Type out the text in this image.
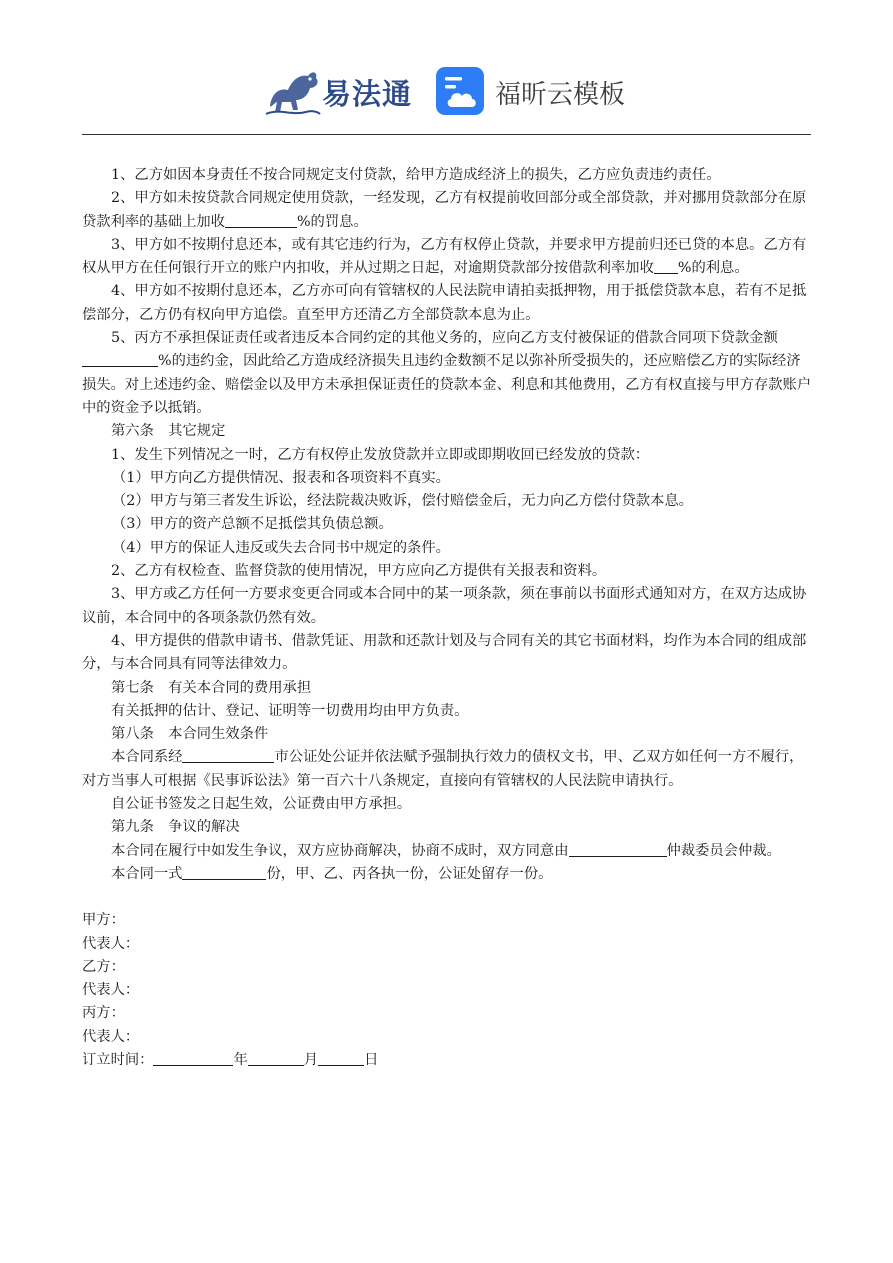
易法通	福昕云模板

1、乙方如因本身责任不按合同规定支付贷款，给甲方造成经济上的损失，乙方应负责违约责任。

2、甲方如未按贷款合同规定使用贷款，一经发现，乙方有权提前收回部分或全部贷款，并对挪用贷款部分在原贷款利率的基础上加收	%的罚息。

3、甲方如不按期付息还本，或有其它违约行为，乙方有权停止贷款，并要求甲方提前归还已贷的本息。乙方有权从甲方在任何银行开立的账户内扣收，并从过期之日起，对逾期贷款部分按借款利率加收 %的利息。

4、甲方如不按期付息还本，乙方亦可向有管辖权的人民法院申请拍卖抵押物，用于抵偿贷款本息，若有不足抵偿部分，乙方仍有权向甲方追偿。直至甲方还清乙方全部贷款本息为止。

5、丙方不承担保证责任或者违反本合同约定的其他义务的，应向乙方支付被保证的借款合同项下贷款金额%的违约金，因此给乙方造成经济损失且违约金数额不足以弥补所受损失的，还应赔偿乙方的实际经济损失。对上述违约金、赔偿金以及甲方未承担保证责任的贷款本金、利息和其他费用，乙方有权直接与甲方存款账户中的资金予以抵销。

第六条　其它规定

1、发生下列情况之一时，乙方有权停止发放贷款并立即或即期收回已经发放的贷款：

（1）甲方向乙方提供情况、报表和各项资料不真实。

（2）甲方与第三者发生诉讼，经法院裁决败诉，偿付赔偿金后，无力向乙方偿付贷款本息。

（3）甲方的资产总额不足抵偿其负债总额。

（4）甲方的保证人违反或失去合同书中规定的条件。

2、乙方有权检查、监督贷款的使用情况，甲方应向乙方提供有关报表和资料。

3、甲方或乙方任何一方要求变更合同或本合同中的某一项条款，须在事前以书面形式通知对方，在双方达成协议前，本合同中的各项条款仍然有效。

4、甲方提供的借款申请书、借款凭证、用款和还款计划及与合同有关的其它书面材料，均作为本合同的组成部分，与本合同具有同等法律效力。

第七条　有关本合同的费用承担

有关抵押的估计、登记、证明等一切费用均由甲方负责。

第八条　本合同生效条件

本合同系经	市公证处公证并依法赋予强制执行效力的债权文书，甲、乙双方如任何一方不履行，对方当事人可根据《民事诉讼法》第一百六十八条规定，直接向有管辖权的人民法院申请执行。

自公证书签发之日起生效，公证费由甲方承担。

第九条　争议的解决

本合同在履行中如发生争议，双方应协商解决，协商不成时，双方同意由	仲裁委员会仲裁。

本合同一式	份，甲、乙、丙各执一份，公证处留存一份。

甲方：

代表人：

乙方：

代表人：

丙方：

代表人：

订立时间：	年	月	日
